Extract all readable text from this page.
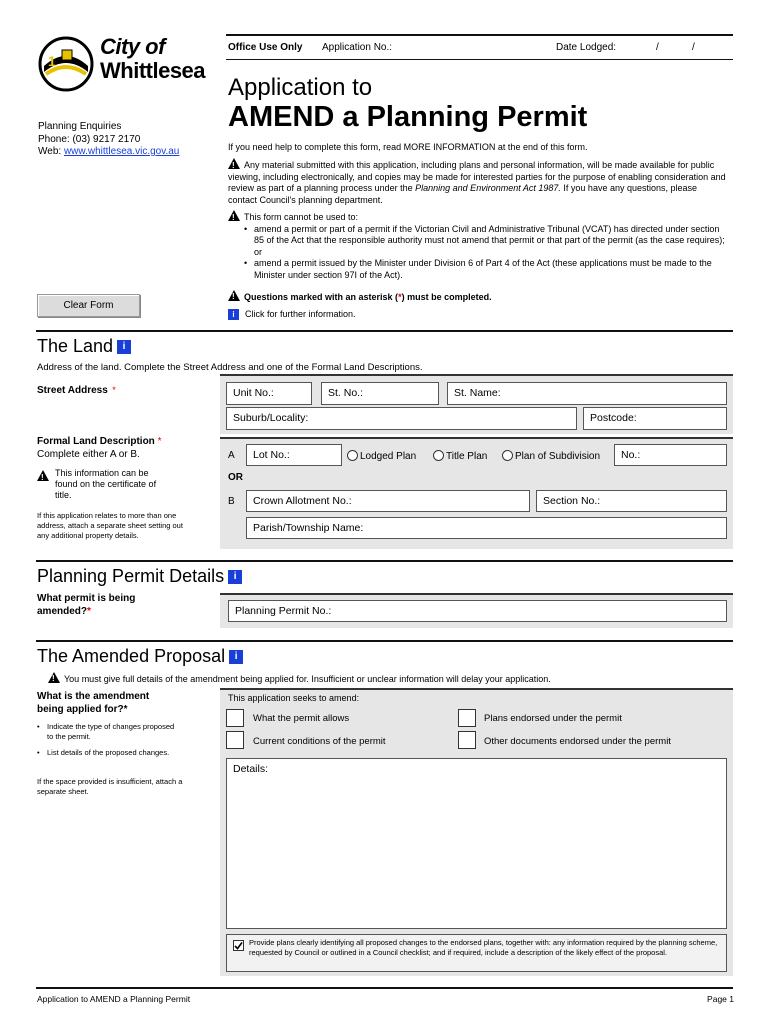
1
City of
Whittlesea
Office Use Only Application No.:	Date Lodged:	/	/
Application to
AMEND a Planning Permit
Planning Enquiries
Phone: (03) 9217 2170
Web: www.whittlesea.vic.gov.au	If you need help to complete this form, read MORE INFORMATION at the end of this form.
!Any material submitted with this application, including plans and personal information, will be made available for public viewing, including electronically, and copies may be made for interested parties for the purpose of enabling consideration and review as part of a planning process under the Planning and Environment Act 1987. If you have any questions, please contact Council's planning department.
!This form cannot be used to:
• amend a permit or part of a permit if the Victorian Civil and Administrative Tribunal (VCAT) has directed under section 85 of the Act that the responsible authority must not amend that permit or that part of the permit (as the case requires); or
• amend a permit issued by the Minister under Division 6 of Part 4 of the Act (these applications must be made to the Minister under section 97I of the Act).
!Questions marked with an asterisk (*) must be completed.
i Click for further information.
Clear Form
The Land i
Address of the land. Complete the Street Address and one of the Formal Land Descriptions.
Street Address *	Unit No.:	St. No.:	St. Name:
Suburb/Locality:	Postcode:
Formal Land Description *
Complete either A or B.
!
This information can be found on the certificate of title.
If this application relates to more than one address, attach a separate sheet setting out any additional property details.
A	Lot No.:	Lodged Plan	Title Plan	Plan of Subdivision	No.:
OR
B	Crown Allotment No.:	Section No.:
Parish/Township Name:
Planning Permit Details i
What permit is being amended?*	Planning Permit No.:
The Amended Proposal i
!You must give full details of the amendment being applied for. Insufficient or unclear information will delay your application.
What is the amendment being applied for?*
• Indicate the type of changes proposed to the permit.
• List details of the proposed changes.
If the space provided is insufficient, attach a separate sheet.
This application seeks to amend:
What the permit allows	Plans endorsed under the permit
Current conditions of the permit	Other documents endorsed under the permit
Details:
Provide plans clearly identifying all proposed changes to the endorsed plans, together with: any information required by the planning scheme, requested by Council or outlined in a Council checklist; and if required, include a description of the likely effect of the proposal.
Application to AMEND a Planning Permit	Page 1
